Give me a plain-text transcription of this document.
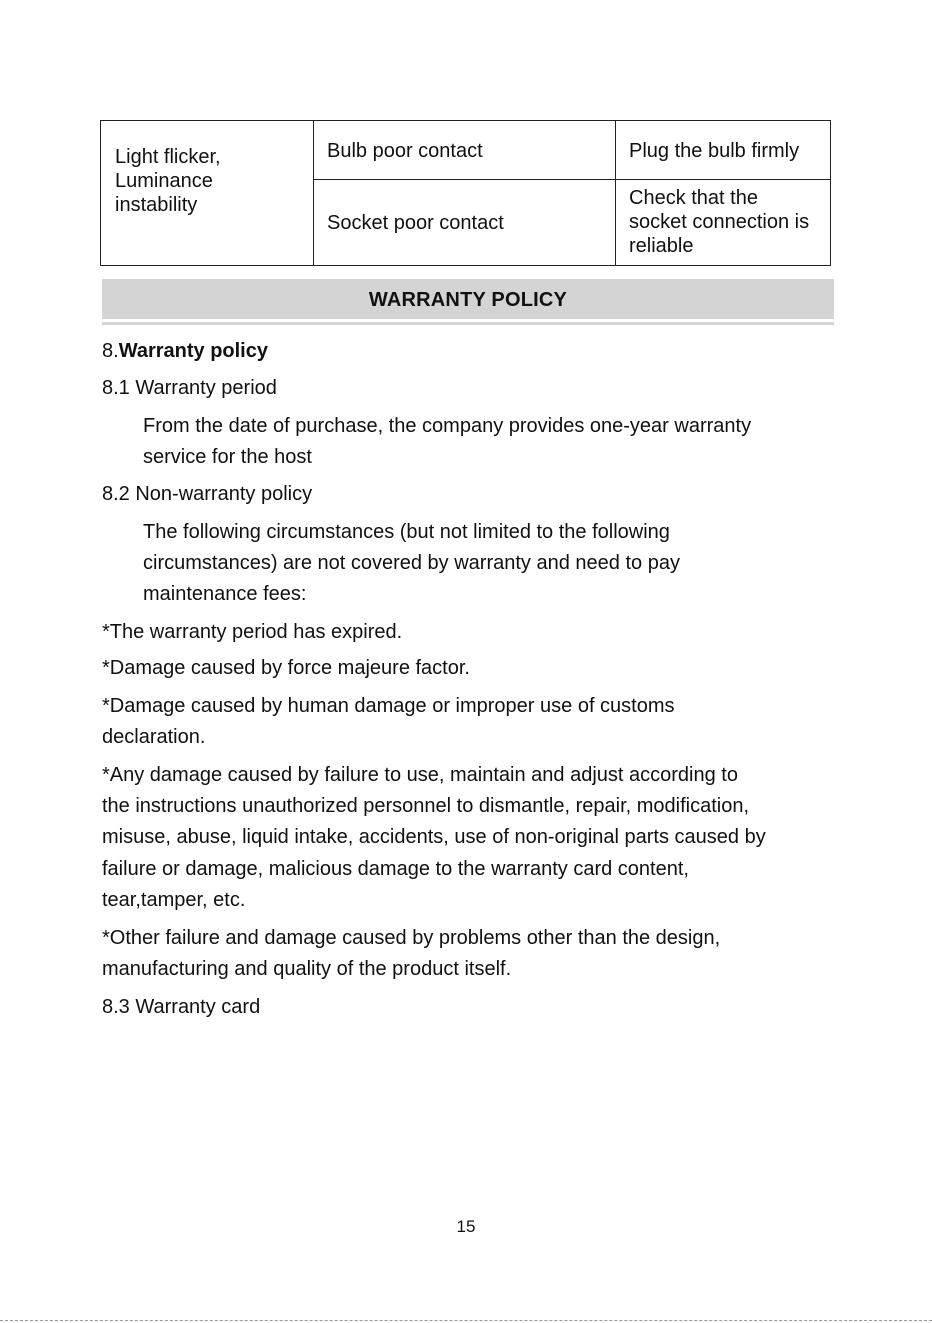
Light flicker,
Luminance
instability	Bulb poor contact	Plug the bulb firmly

	Socket poor contact	Check that the
socket connection is
reliable
WARRANTY POLICY

8.Warranty policy

8.1 Warranty period

From the date of purchase, the company provides one-year warranty

service for the host

8.2 Non-warranty policy

The following circumstances (but not limited to the following

circumstances) are not covered by warranty and need to pay

maintenance fees:

*The warranty period has expired.

*Damage caused by force majeure factor.

*Damage caused by human damage or improper use of customs

declaration.

*Any damage caused by failure to use, maintain and adjust according to

the instructions unauthorized personnel to dismantle, repair, modification,

misuse, abuse, liquid intake, accidents, use of non-original parts caused by

failure or damage, malicious damage to the warranty card content,

tear,tamper, etc.

*Other failure and damage caused by problems other than the design,

manufacturing and quality of the product itself.

8.3 Warranty card

15
